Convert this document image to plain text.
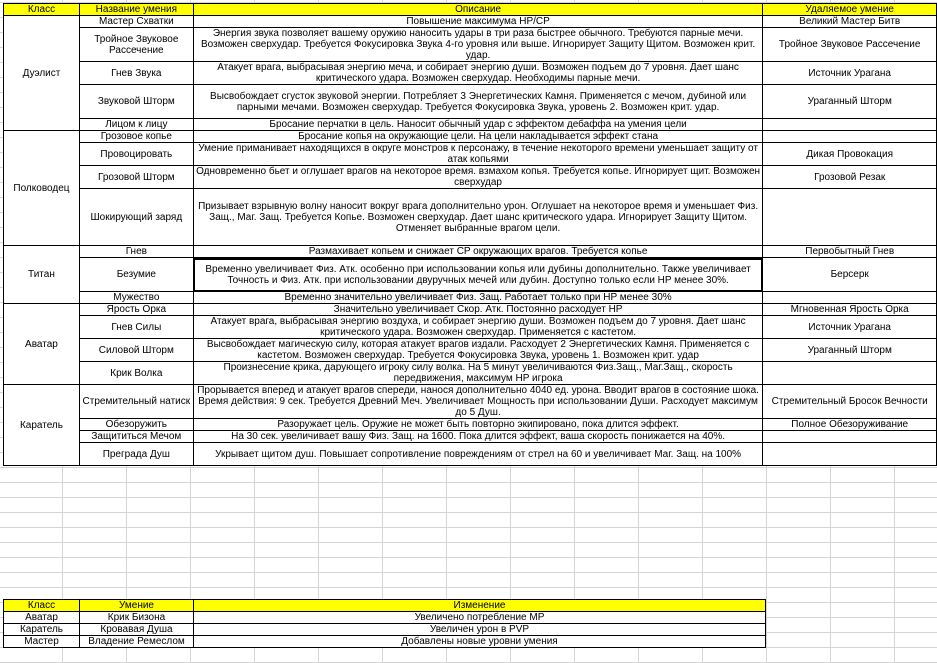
Класс	Название умения	Описание	Удаляемое умение
Дуэлист	Мастер Схватки	Повышение максимума HP/CP	Великий Мастер Битв
	Тройное Звуковое Рассечение	Энергия звука позволяет вашему оружию наносить удары в три раза быстрее обычного. Требуются парные мечи. Возможен сверхудар. Требуется Фокусировка Звука 4-го уровня или выше. Игнорирует Защиту Щитом. Возможен крит. удар.	Тройное Звуковое Рассечение
	Гнев Звука	Атакует врага, выбрасывая энергию меча, и собирает энергию души. Возможен подъем до 7 уровня. Дает шанс критического удара. Возможен сверхудар. Необходимы парные мечи.	Источник Урагана
	Звуковой Шторм	Высвобождает сгусток звуковой энергии. Потребляет 3 Энергетических Камня. Применяется с мечом, дубиной или парными мечами. Возможен сверхудар. Требуется Фокусировка Звука, уровень 2. Возможен крит. удар.	Ураганный Шторм
	Лицом к лицу	Бросание перчатки в цель. Наносит обычный удар с эффектом дебаффа на умения цели	
Полководец	Грозовое копье	Бросание копья на окружающие цели. На цели накладывается эффект стана	
	Провоцировать	Умение приманивает находящихся в округе монстров к персонажу, в течение некоторого времени уменьшает защиту от атак копьями	Дикая Провокация
	Грозовой Шторм	Одновременно бьет и оглушает врагов на некоторое время. взмахом копья. Требуется копье. Игнорирует щит. Возможен сверхудар	Грозовой Резак
	Шокирующий заряд	Призывает взрывную волну наносит вокруг врага дополнительно урон. Оглушает на некоторое время и уменьшает Физ. Защ., Маг. Защ. Требуется Копье. Возможен сверхудар. Дает шанс критического удара. Игнорирует Защиту Щитом. Отменяет выбранные врагом цели.	
Титан	Гнев	Размахивает копьем и снижает CP окружающих врагов. Требуется копье	Первобытный Гнев
	Безумие	Временно увеличивает Физ. Атк. особенно при использовании копья или дубины дополнительно. Также увеличивает Точность и Физ. Атк. при использовании двуручных мечей или дубин. Доступно только если HP менее 30%.	Берсерк
	Мужество	Временно значительно увеличивает Физ. Защ. Работает только при HP менее 30%	
Аватар	Ярость Орка	Значительно увеличивает Скор. Атк. Постоянно расходует HP	Мгновенная Ярость Орка
	Гнев Силы	Атакует врага, выбрасывая энергию воздуха, и собирает энергию души. Возможен подъем до 7 уровня. Дает шанс критического удара. Возможен сверхудар. Применяется с кастетом.	Источник Урагана
	Силовой Шторм	Высвобождает магическую силу, которая атакует врагов издали. Расходует 2 Энергетических Камня. Применяется с кастетом. Возможен сверхудар. Требуется Фокусировка Звука, уровень 1. Возможен крит. удар	Ураганный Шторм
	Крик Волка	Произнесение крика, дарующего игроку силу волка. На 5 минут увеличиваются Физ.Защ., Маг.Защ., скорость передвижения, максимум HP игрока	
Каратель	Стремительный натиск	Прорывается вперед и атакует врагов спереди, нанося дополнительно 4040 ед. урона. Вводит врагов в состояние шока. Время действия: 9 сек. Требуется Древний Меч. Увеличивает Мощность при использовании Души. Расходует максимум до 5 Душ.	Стремительный Бросок Вечности
	Обезоружить	Разоружает цель. Оружие не может быть повторно экипировано, пока длится эффект.	Полное Обезоруживание
	Защититься Мечом	На 30 сек. увеличивает вашу Физ. Защ. на 1600. Пока длится эффект, ваша скорость понижается на 40%.	
	Преграда Душ	Укрывает щитом душ. Повышает сопротивление повреждениям от стрел на 60 и увеличивает Маг. Защ. на 100%	
Класс	Умение	Изменение
Аватар	Крик Бизона	Увеличено потребление MP
Каратель	Кровавая Душа	Увеличен урон в PVP
Мастер	Владение Ремеслом	Добавлены новые уровни умения
